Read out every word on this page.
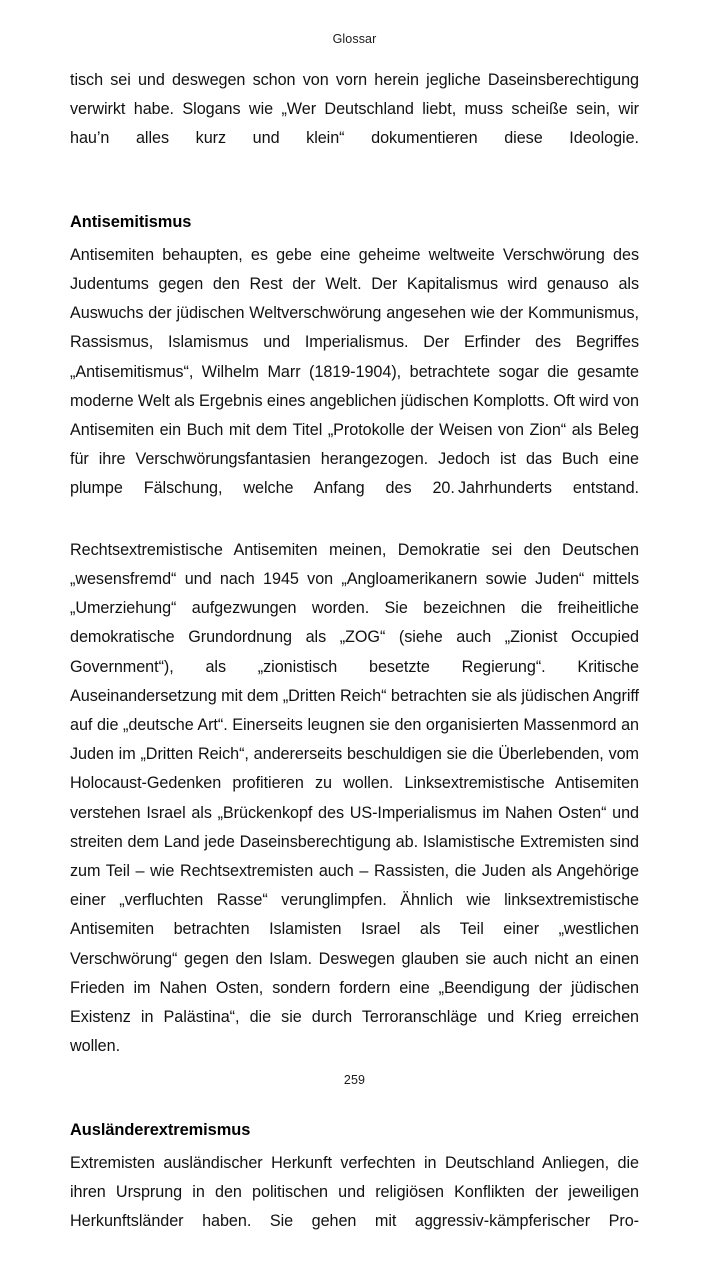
Glossar

tisch sei und deswegen schon von vorn herein jegliche Daseinsberechtigung verwirkt habe. Slogans wie „Wer Deutschland liebt, muss scheiße sein, wir hau’n alles kurz und klein“ dokumentieren diese Ideologie.

Antisemitismus

Antisemiten behaupten, es gebe eine geheime weltweite Verschwörung des Judentums gegen den Rest der Welt. Der Kapitalismus wird genauso als Auswuchs der jüdischen Weltverschwörung angesehen wie der Kommunismus, Rassismus, Islamismus und Imperialismus. Der Erfinder des Begriffes „Antisemitismus“, Wilhelm Marr (1819-1904), betrachtete sogar die gesamte moderne Welt als Ergebnis eines angeblichen jüdischen Komplotts. Oft wird von Antisemiten ein Buch mit dem Titel „Protokolle der Weisen von Zion“ als Beleg für ihre Verschwörungsfantasien herangezogen. Jedoch ist das Buch eine plumpe Fälschung, welche Anfang des 20. Jahrhunderts entstand.

Rechtsextremistische Antisemiten meinen, Demokratie sei den Deutschen „wesensfremd“ und nach 1945 von „Angloamerikanern sowie Juden“ mittels „Umerziehung“ aufgezwungen worden. Sie bezeichnen die freiheitliche demokratische Grundordnung als „ZOG“ (siehe auch „Zionist Occupied Government“), als „zionistisch besetzte Regierung“. Kritische Auseinandersetzung mit dem „Dritten Reich“ betrachten sie als jüdischen Angriff auf die „deutsche Art“. Einerseits leugnen sie den organisierten Massenmord an Juden im „Dritten Reich“, andererseits beschuldigen sie die Überlebenden, vom Holocaust-Gedenken profitieren zu wollen. Linksextremistische Antisemiten verstehen Israel als „Brückenkopf des US-Imperialismus im Nahen Osten“ und streiten dem Land jede Daseinsberechtigung ab. Islamistische Extremisten sind zum Teil – wie Rechtsextremisten auch – Rassisten, die Juden als Angehörige einer „verfluchten Rasse“ verunglimpfen. Ähnlich wie linksextremistische Antisemiten betrachten Islamisten Israel als Teil einer „westlichen Verschwörung“ gegen den Islam. Deswegen glauben sie auch nicht an einen Frieden im Nahen Osten, sondern fordern eine „Beendigung der jüdischen Existenz in Palästina“, die sie durch Terroranschläge und Krieg erreichen wollen.

Ausländerextremismus

Extremisten ausländischer Herkunft verfechten in Deutschland Anliegen, die ihren Ursprung in den politischen und religiösen Konflikten der jeweiligen Herkunftsländer haben. Sie gehen mit aggressiv-kämpferischer Pro-

259
